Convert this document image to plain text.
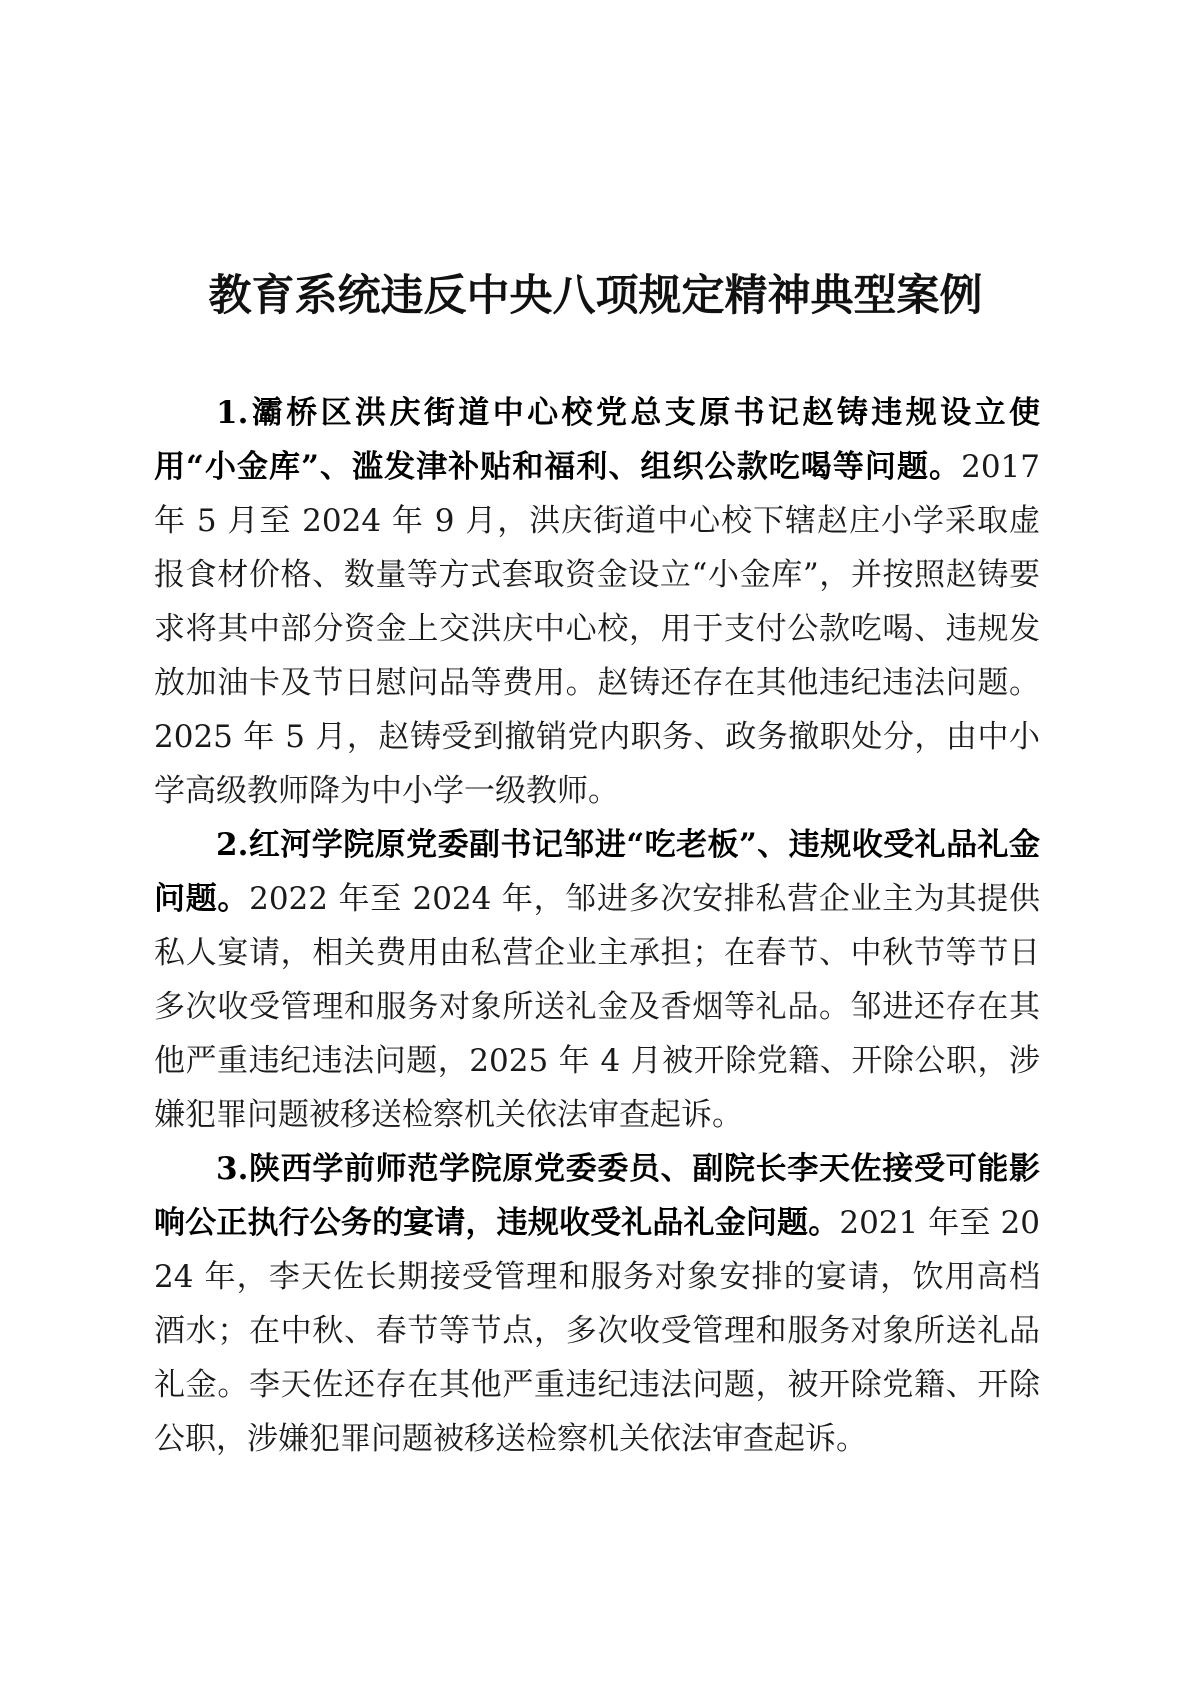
教育系统违反中央八项规定精神典型案例

1.灞桥区洪庆街道中心校党总支原书记赵铸违规设立使用“小金库”、滥发津补贴和福利、组织公款吃喝等问题。2017 年 5 月至 2024 年 9 月，洪庆街道中心校下辖赵庄小学采取虚报食材价格、数量等方式套取资金设立“小金库”，并按照赵铸要求将其中部分资金上交洪庆中心校，用于支付公款吃喝、违规发放加油卡及节日慰问品等费用。赵铸还存在其他违纪违法问题。2025 年 5 月，赵铸受到撤销党内职务、政务撤职处分，由中小学高级教师降为中小学一级教师。

2.红河学院原党委副书记邹进“吃老板”、违规收受礼品礼金问题。2022 年至 2024 年，邹进多次安排私营企业主为其提供私人宴请，相关费用由私营企业主承担；在春节、中秋节等节日多次收受管理和服务对象所送礼金及香烟等礼品。邹进还存在其他严重违纪违法问题，2025 年 4 月被开除党籍、开除公职，涉嫌犯罪问题被移送检察机关依法审查起诉。

3.陕西学前师范学院原党委委员、副院长李天佐接受可能影响公正执行公务的宴请，违规收受礼品礼金问题。2021 年至 2024 年，李天佐长期接受管理和服务对象安排的宴请，饮用高档酒水；在中秋、春节等节点，多次收受管理和服务对象所送礼品礼金。李天佐还存在其他严重违纪违法问题，被开除党籍、开除公职，涉嫌犯罪问题被移送检察机关依法审查起诉。
